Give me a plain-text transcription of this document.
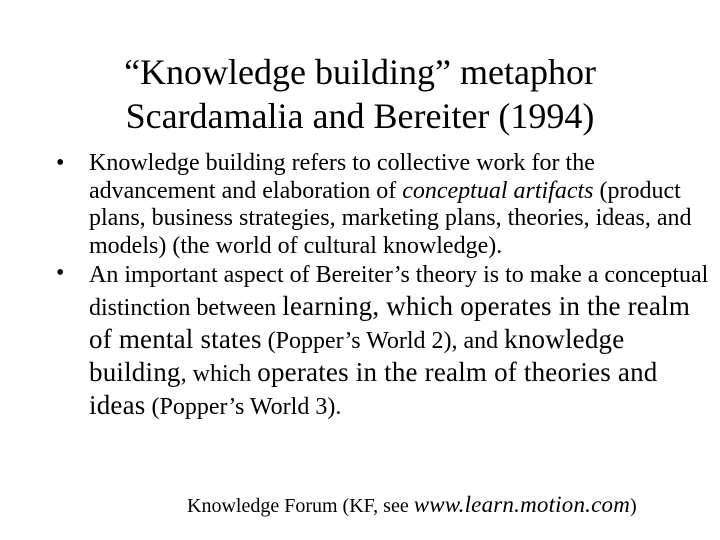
“Knowledge building” metaphor
Scardamalia and Bereiter (1994)
•	Knowledge building refers to collective work for the advancement and elaboration of conceptual artifacts (product plans, business strategies, marketing plans, theories, ideas, and models) (the world of cultural knowledge).
•	An important aspect of Bereiter’s theory is to make a conceptual distinction between learning, which operates in the realm of mental states (Popper’s World 2), and knowledge building, which operates in the realm of theories and ideas (Popper’s World 3).
Knowledge Forum (KF, see www.learn.motion.com)
